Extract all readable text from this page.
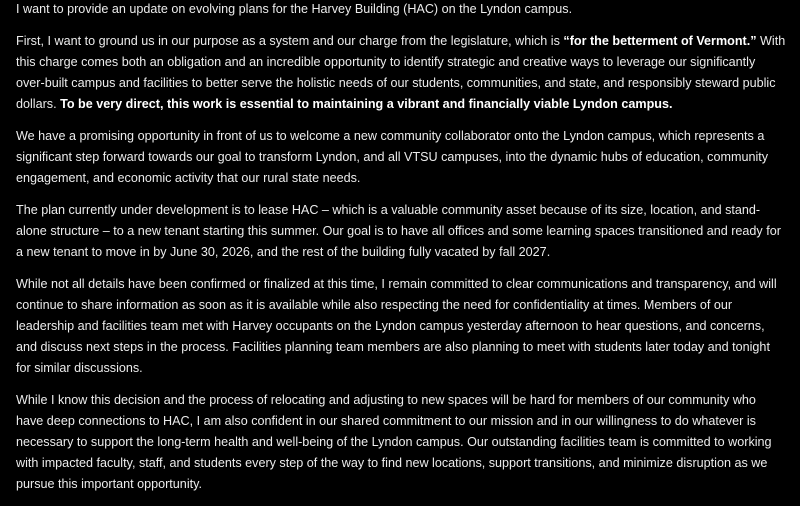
I want to provide an update on evolving plans for the Harvey Building (HAC) on the Lyndon campus.

First, I want to ground us in our purpose as a system and our charge from the legislature, which is “for the betterment of Vermont.” With this charge comes both an obligation and an incredible opportunity to identify strategic and creative ways to leverage our significantly over-built campus and facilities to better serve the holistic needs of our students, communities, and state, and responsibly steward public dollars. To be very direct, this work is essential to maintaining a vibrant and financially viable Lyndon campus.

We have a promising opportunity in front of us to welcome a new community collaborator onto the Lyndon campus, which represents a significant step forward towards our goal to transform Lyndon, and all VTSU campuses, into the dynamic hubs of education, community engagement, and economic activity that our rural state needs.

The plan currently under development is to lease HAC – which is a valuable community asset because of its size, location, and stand-alone structure – to a new tenant starting this summer. Our goal is to have all offices and some learning spaces transitioned and ready for a new tenant to move in by June 30, 2026, and the rest of the building fully vacated by fall 2027.

While not all details have been confirmed or finalized at this time, I remain committed to clear communications and transparency, and will continue to share information as soon as it is available while also respecting the need for confidentiality at times. Members of our leadership and facilities team met with Harvey occupants on the Lyndon campus yesterday afternoon to hear questions, and concerns, and discuss next steps in the process. Facilities planning team members are also planning to meet with students later today and tonight for similar discussions.

While I know this decision and the process of relocating and adjusting to new spaces will be hard for members of our community who have deep connections to HAC, I am also confident in our shared commitment to our mission and in our willingness to do whatever is necessary to support the long-term health and well-being of the Lyndon campus. Our outstanding facilities team is committed to working with impacted faculty, staff, and students every step of the way to find new locations, support transitions, and minimize disruption as we pursue this important opportunity.
